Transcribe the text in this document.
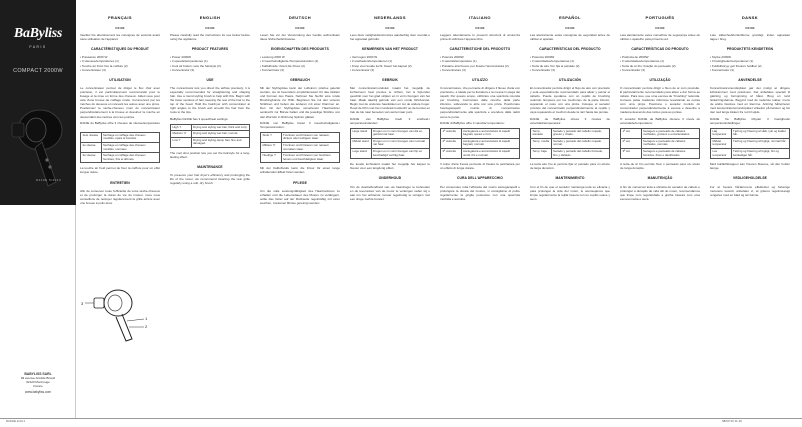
BaByliss
PARIS
COMPACT 2000W
D210E 5/2013
BABYLISS SARL
99 avenue Aristide Briand
92120 Montrouge
France
www.babyliss.com
FRANÇAIS
D210E
Veuillez lire attentivement les consignes de sécurité avant toute utilisation de l'appareil.
CARACTÉRISTIQUES DU PRODUIT
• Puissance 2000 W
• 3 vitesses/températures (1)
• Touche air froid: fixe la coiffure (2)
• Concentrateur (3)
UTILISATION
Le concentrateur permet de diriger le flux d'air avec précision, il est particulièrement recommandé pour le lissage et la mise en forme des cheveux. Aidez-vous pour cela d'une brosse de coiffage ronde. Commencez par les mèches du dessous en relevant les autres avec une pince. Positionnez le sèche-cheveux muni du concentrateur perpendiculairement à la brosse et dessinez la mèche en descendant des racines vers les pointes.
D210E du BaByliss offre 3 niveaux de vitesse/température :
1ère vitesse	Séchage et coiffage des cheveux mouillés, épais et bouclés.
2e vitesse	Séchage et coiffage des cheveux mouillés, normaux.
3e vitesse	Séchage et coiffage des cheveux humides, fins et abîmés.
La touche air froid permet de fixer la coiffure pour un effet longue durée.
ENTRETIEN
Afin de conserver toute l'efficacité de votre sèche-cheveux et de prolonger la durée de vie du moteur, nous vous conseillons de nettoyer régulièrement la grille arrière avec une brosse à poils doux.
ENGLISH
D210E
Please carefully read the instructions for use below before using the appliance.
PRODUCT FEATURES
• Power 2000W
• 3 speeds/temperatures (1)
• Cool air button: sets the hairstyle (2)
• Concentrator (3)
USE
The concentrator lets you direct the airflow precisely; it is especially recommended for straightening and shaping hair. Use a round styling brush to help with this. Begin with the lower sections of hair, keeping the rest of the hair to the top of the head. Hold the hairdryer with concentrator at right angles to the brush and smooth the hair from the roots to the tips.
BaByliss D210E has 3 speed/heat settings:
High 'I'	Drying and styling wet hair, thick and curly.
Medium 'II'	Drying and styling wet hair, normal.
Low 'I'	Drying and styling damp hair, fine and damaged.
The cool shot position lets you set the hairstyle for a long-lasting effect.
MAINTENANCE
To preserve your hair dryer's efficiency and prolonging the life of the motor, we recommend cleaning the rear grille regularly using a soft, dry brush.
DEUTSCH
D210E
Lesen Sie vor der Verwendung des Geräts aufmerksam diese Sicherheitshinweise.
EIGENSCHAFTEN DES PRODUKTS
• Leistung 2000 W
• 3 Geschwindigkeits-/Temperaturstufen (1)
• Kaltluftstufe: fixiert die Frisur (2)
• Konzentrator (3)
GEBRAUCH
Mit der Stylingdüse kann der Luftstrom präzise gelenkt werden, sie ist besonders empfehlenswert für das Glätten und Formen des Haars. Nehmen Sie hierfür eine runde Brushingbürste zur Hilfe. Beginnen Sie mit den unteren Strähnen und heben die anderen mit einer Klammer an. Den mit der Stylingdüse versehenen Haartrockner senkrecht zur Bürste halten und die jeweilige Strähne von den Wurzeln in Richtung Spitzen glätten.
D210E von BaByliss bietet 3 Geschwindigkeits-/ Temperaturstufen:
Stufe 'I'	Trocknen und Frisieren von nassem, dickem oder lockigem Haar.
Mittlere 'II'	Trocknen und Frisieren von nassem normalem Haar.
Niedrige 'I'	Trocknen und Frisieren von feuchtem feinem und beschädigtem Haar.
Mit der Kaltluftstufe kann die Frisur für einen lange anhaltenden Effekt fixiert werden.
PFLEGE
Um die volle Leistungsfähigkeit des Haartrockners zu erhalten und die Lebensdauer des Motors zu verlängern, sollte das Gitter auf der Rückseite regelmäßig mit einer weichen, trockenen Bürste gereinigt werden.
NEDERLANDS
D210E
Lees deze veiligheidsinstructies aandachtig door voordat u het apparaat gebruikt.
KENMERKEN VAN HET PRODUCT
• Vermogen 2000 W
• 3 snelheden/temperaturen (1)
• Knop voor koude lucht: fixeert het kapsel (2)
• Concentrator (3)
GEBRUIK
Met concentratormondstuk maakt het mogelijk de luchtstroom heel precies te richten, het is bijzonder geschikt voor het glad strijken en in vorm brengen van het haar. Maak daarbij gebruik van een ronde föhnborstel. Begin met de onderste haarlokken en zet de andere hoger. Houd de föhn met het mondstuk loodrecht op de borstel en trek de lok naar beneden van wortel naar punt.
D210E van BaByliss biedt 3 snelheid-/ temperatuurstanden:
Hoge stand	Drogen en in vorm brengen van dik en gekruld nat haar.
Middel stand	Drogen en in vorm brengen van normaal nat haar.
Lage stand	Drogen en in vorm brengen van fijn en beschadigd vochtig haar.
De koude luchtstand maakt het mogelijk het kapsel te fixeren voor een langdurig effect.
ONDERHOUD
Om de doeltreffendheid van uw haardroger te behouden en de levensduur van de motor te verlengen raden wij u aan om het achterste rooster regelmatig te reinigen met een droge zachte borstel.
ITALIANO
D210E
Leggere attentamente le presenti istruzioni di sicurezza prima di utilizzare l'apparecchio.
CARATTERISTICHE DEL PRODOTTO
• Potenza 2000W
• 3 velocità/temperature (1)
• Pulsante aria fresca: per fissare l'acconciatura (2)
• Concentratore (3)
UTILIZZO
Il concentratore, che permette di dirigere il flusso d'aria con precisione, è ideale per la lisciatura e la messa in piega dei capelli. Per questo scopo, utilizzare una spazzola rotonda per brushing. Cominciare dalle ciocche della parte inferiore, sollevando le altre con una pinza. Posizionare l'asciugacapelli munito di concentratore perpendicolarmente alla spazzola e scendere dalle radici verso le punte.
D210E di BaByliss offre 3 velocità/ temperature:
1ª velocità	Asciugatura e acconciatura di capelli bagnati, spessi e ricci.
2ª velocità	Asciugatura e acconciatura di capelli bagnati, normali.
3ª velocità	Asciugatura e acconciatura di capelli umidi, fini e rovinati.
Il colpo d'aria fresca permette di fissare la pettinatura per un effetto di lunga durata.
CURA DELL'APPARECCHIO
Per conservare tutta l'efficacia del vostro asciugacapelli e prolungare la durata del motore, vi consigliamo di pulire regolarmente la griglia posteriore con una spazzola morbida e asciutta.
ESPAÑOL
D210E
Lea atentamente estas consignas de seguridad antes de utilizar el aparato.
CARACTERÍSTICAS DEL PRODUCTO
• Potencia 2000W
• 3 velocidades/temperaturas (1)
• Tecla de aire frío: fija el peinado (2)
• Concentrador (3)
UTILIZACIÓN
El concentrador permite dirigir el flujo de aire con precisión y está especialmente recomendado para alisar y peinar el cabello. Puede ayudarse con un cepillo de brushing redondo. Empiece por los mechones de la parte inferior, sujetando el resto con una pinza. Coloque el secador provisto del concentrador perpendicularmente al cepillo y vaya repasando el mechón desde la raíz hasta las puntas.
D210E de BaByliss ofrece 3 niveles de velocidad/temperatura:
Temp. elevada	Secado y peinado del cabello mojado, grueso y rizado.
Temp. media	Secado y peinado del cabello mojado normal.
Temp. baja	Secado y peinado del cabello húmedo, fino y dañado.
La tecla aire frío le permite fijar el peinado para un efecto de larga duración.
MANTENIMIENTO
Con el fin de que el secador mantenga toda su eficacia y para prolongar la vida del motor, le aconsejamos que limpie regularmente la rejilla trasera con un cepillo suave y seco.
PORTUGUÊS
D210E
Leia atentamente estes conselhos de segurança antes de utilizar o aparelho pela primeira vez.
CARACTERÍSTICAS DO PRODUTO
• Potência de 2000W
• 3 velocidades/temperaturas (1)
• Tecla de ar frio: fixação do penteado (2)
• Concentrador (3)
UTILIZAÇÃO
O concentrador permite dirigir o fluxo de ar com precisão. É particularmente recomendado para alisar e dar forma ao cabelo. Para isso, use uma escova de "brushing" redonda. Comece pelas madeixas inferiores levantando as outras com uma pinça. Posicione o secador munido do concentrador perpendicularmente à escova e desenhe a madeixa descendo das raízes para as pontas.
O secador D210E da BaByliss oferece 3 níveis de velocidade/temperatura:
1ª vel.	Secagem e penteado de cabelos molhados, grossos e encaracolados.
2ª vel.	Secagem e penteado de cabelos molhados, normais.
3ª vel.	Secagem e penteado de cabelos húmidos, finos e danificados.
A tecla de ar frio permite fixar o penteado para um efeito de longa duração.
MANUTENÇÃO
A fim de conservar toda a eficácia do secador de cabelo e prolongar a duração de vida útil do motor, recomendamos que limpe com regularidade a grelha traseira com uma escova macia e seca.
DANSK
D210E
Læs sikkerhedsforskrifterne grundigt, inden apparatet tages i brug.
PRODUKTETS KENDETEGN
• Styrke 2000W
• 3 hastigheder/temperaturer (1)
• Koldluftstryg: gør frisuren holdbar (2)
• Koncentrator (3)
ANVENDELSE
Koncentratorsmundstykket gør det muligt at dirigere luftstrømmen med præcision. Det anbefales specielt til glatning og formgivning af håret. Brug en rund føntørringsbørste. Begynd med de nederste lokker, mens de andre fæstnes med en klemme. Anbring hårtørreren med koncentratorsmundstykket vinkelret på børsten og før den ned langs lokken fra rod til spids.
D210E fra BaByliss tilbyder 3 hastigheds/ temperaturindstillinger:
Høj temperatur	Tørring og frisering af vådt, tykt og krøllet hår.
Middel temperatur	Tørring og frisering af fugtigt, normalt hår.
Lav temperatur	Tørring og frisering af fugtigt, fint og beskadiget hår.
Med koldluftknappen kan frisuren fikseres, så den holder længe.
VEDLIGEHOLDELSE
For at bevare hårtørrerens effektivitet og forlænge motorens levetid, anbefaler vi, at gitteret regelmæssigt rengøres med en blød og tør børste.
1
2
3
D210IE.indd 1	08/07/13 11:19
